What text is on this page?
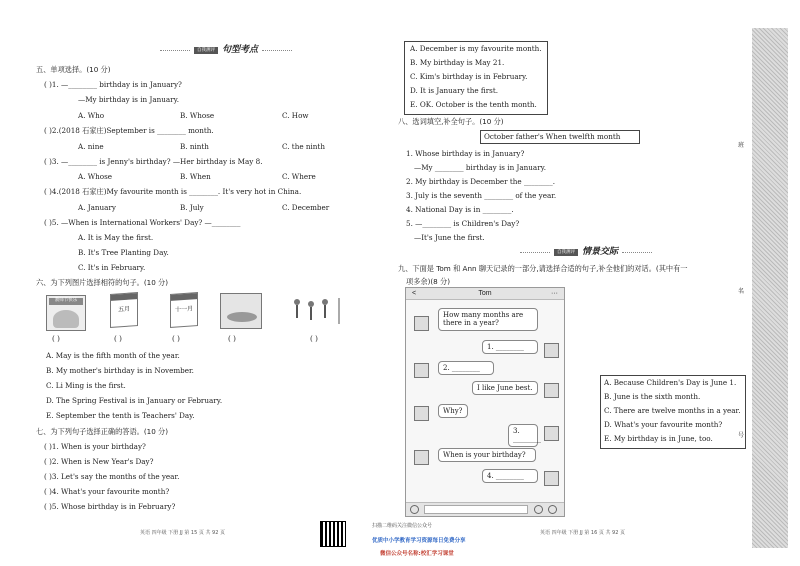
自我测评 句型考点
五、单项选择。(10 分)
( )1. —________ birthday is in January?
—My birthday is in January.
A. Who	B. Whose	C. How
( )2.(2018 石家庄)September is ________ month.
A. nine	B. ninth	C. the ninth
( )3. —________ is Jenny's birthday? —Her birthday is May 8.
A. Whose	B. When	C. Where
( )4.(2018 石家庄)My favourite month is ________. It's very hot in China.
A. January	B. July	C. December
( )5. —When is International Workers' Day? —________
A. It is May the first.
B. It's Tree Planting Day.
C. It's in February.
六、为下列图片选择相符的句子。(10 分)
教师节快乐
五月	十一月
( )	( )	( )	( )	( )
A. May is the fifth month of the year.
B. My mother's birthday is in November.
C. Li Ming is the first.
D. The Spring Festival is in January or February.
E. September the tenth is Teachers' Day.
七、为下列句子选择正确的答语。(10 分)
( )1. When is your birthday?
( )2. When is New Year's Day?
( )3. Let's say the months of the year.
( )4. What's your favourite month?
( )5. Whose birthday is in February?
英语 四年级 下册 JJ 第 15 页 共 92 页
A. December is my favourite month.
B. My birthday is May 21.
C. Kim's birthday is in February.
D. It is January the first.
E. OK. October is the tenth month.
八、选词填空,补全句子。(10 分)
October father's When twelfth month
1. Whose birthday is in January?
—My ________ birthday is in January.
2. My birthday is December the ________.
3. July is the seventh ________ of the year.
4. National Day is in ________.
5. —________ is Children's Day?
—It's June the first.
自我测评 情景交际
九、下面是 Tom 和 Ann 聊天记录的一部分,请选择合适的句子,补全他们的对话。(其中有一
项多余)(8 分)
<	Tom	···
How many months are there in a year?
1. ________
2. ________
I like June best.
Why?
3. ________
When is your birthday?
4. ________
A. Because Children's Day is June 1.
B. June is the sixth month.
C. There are twelve months in a year.
D. What's your favourite month?
E. My birthday is in June, too.
英语 四年级 下册 JJ 第 16 页 共 92 页
扫描二维码关注微信公众号
优质中小学教育学习资源每日免费分享
微信公众号名称:校汇学习课堂
班
名
号
